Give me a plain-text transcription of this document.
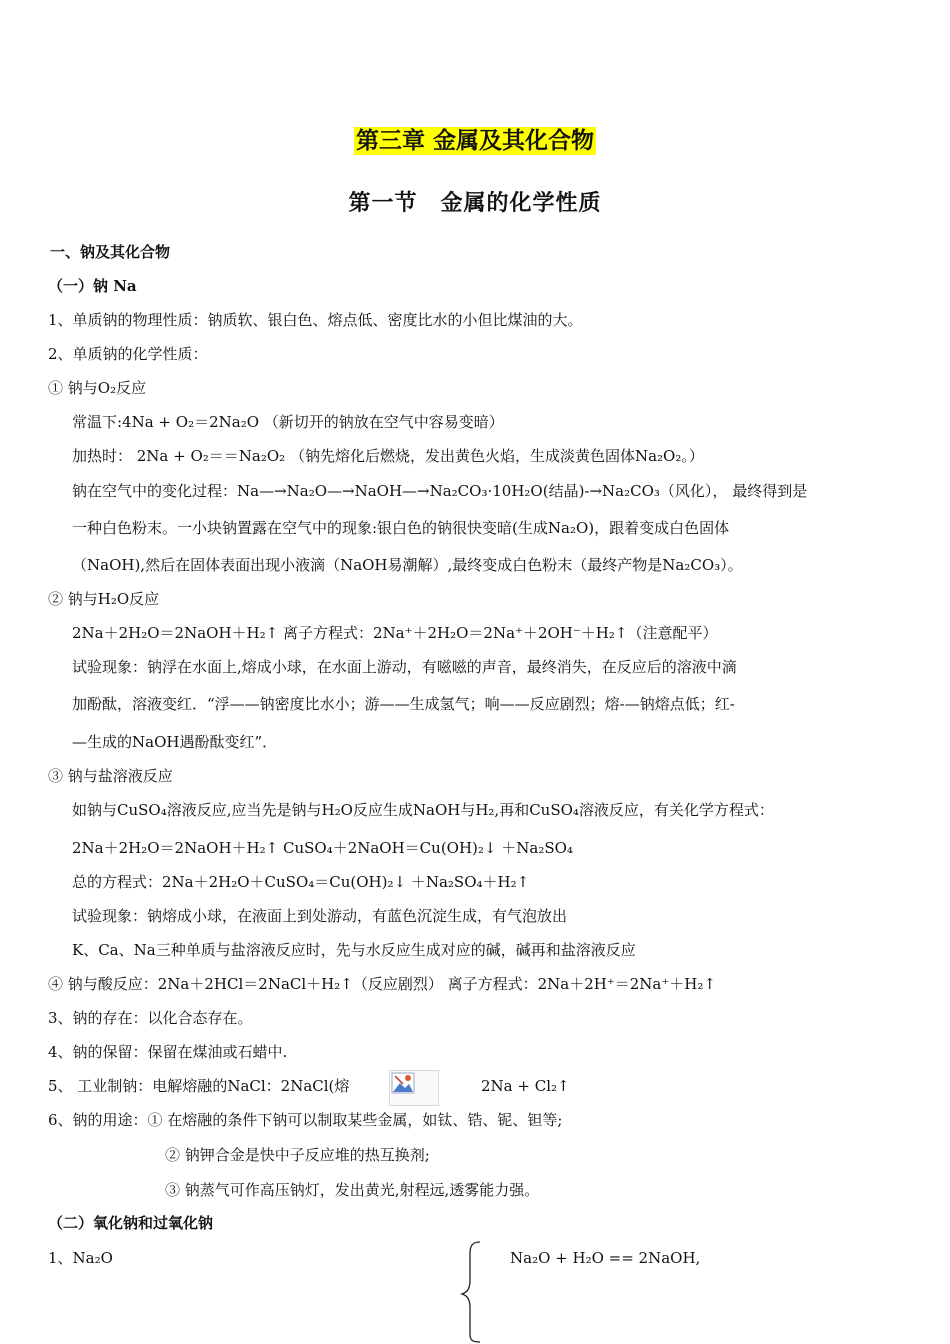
第三章 金属及其化合物
第一节　金属的化学性质
一、钠及其化合物
（一）钠 Na
1、单质钠的物理性质：钠质软、银白色、熔点低、密度比水的小但比煤油的大。
2、单质钠的化学性质：
① 钠与O₂反应
常温下:4Na + O₂＝2Na₂O （新切开的钠放在空气中容易变暗）
加热时： 2Na + O₂＝＝Na₂O₂ （钠先熔化后燃烧，发出黄色火焰，生成淡黄色固体Na₂O₂。）
钠在空气中的变化过程：Na—→Na₂O—→NaOH—→Na₂CO₃·10H₂O(结晶)-→Na₂CO₃（风化）， 最终得到是
一种白色粉末。一小块钠置露在空气中的现象:银白色的钠很快变暗(生成Na₂O)，跟着变成白色固体
（NaOH),然后在固体表面出现小液滴（NaOH易潮解）,最终变成白色粉末（最终产物是Na₂CO₃）。
② 钠与H₂O反应
2Na＋2H₂O＝2NaOH＋H₂↑ 离子方程式：2Na⁺＋2H₂O＝2Na⁺＋2OH⁻＋H₂↑（注意配平）
试验现象：钠浮在水面上,熔成小球，在水面上游动，有嗞嗞的声音，最终消失，在反应后的溶液中滴
加酚酞，溶液变红．“浮——钠密度比水小；游——生成氢气；响——反应剧烈；熔-—钠熔点低；红-
—生成的NaOH遇酚酞变红”．
③ 钠与盐溶液反应
如钠与CuSO₄溶液反应,应当先是钠与H₂O反应生成NaOH与H₂,再和CuSO₄溶液反应，有关化学方程式：
2Na＋2H₂O＝2NaOH＋H₂↑ CuSO₄＋2NaOH＝Cu(OH)₂↓ ＋Na₂SO₄
总的方程式：2Na＋2H₂O＋CuSO₄＝Cu(OH)₂↓ ＋Na₂SO₄＋H₂↑
试验现象：钠熔成小球，在液面上到处游动，有蓝色沉淀生成，有气泡放出
K、Ca、Na三种单质与盐溶液反应时，先与水反应生成对应的碱，碱再和盐溶液反应
④ 钠与酸反应：2Na＋2HCl＝2NaCl＋H₂↑（反应剧烈） 离子方程式：2Na＋2H⁺＝2Na⁺＋H₂↑
3、钠的存在：以化合态存在。
4、钠的保留：保留在煤油或石蜡中.
5、 工业制钠：电解熔融的NaCl：2NaCl(熔	2Na + Cl₂↑
6、钠的用途：① 在熔融的条件下钠可以制取某些金属，如钛、锆、铌、钽等;
② 钠钾合金是快中子反应堆的热互换剂;
③ 钠蒸气可作高压钠灯，发出黄光,射程远,透雾能力强。
（二）氧化钠和过氧化钠
1、Na₂O	Na₂O + H₂O == 2NaOH,
